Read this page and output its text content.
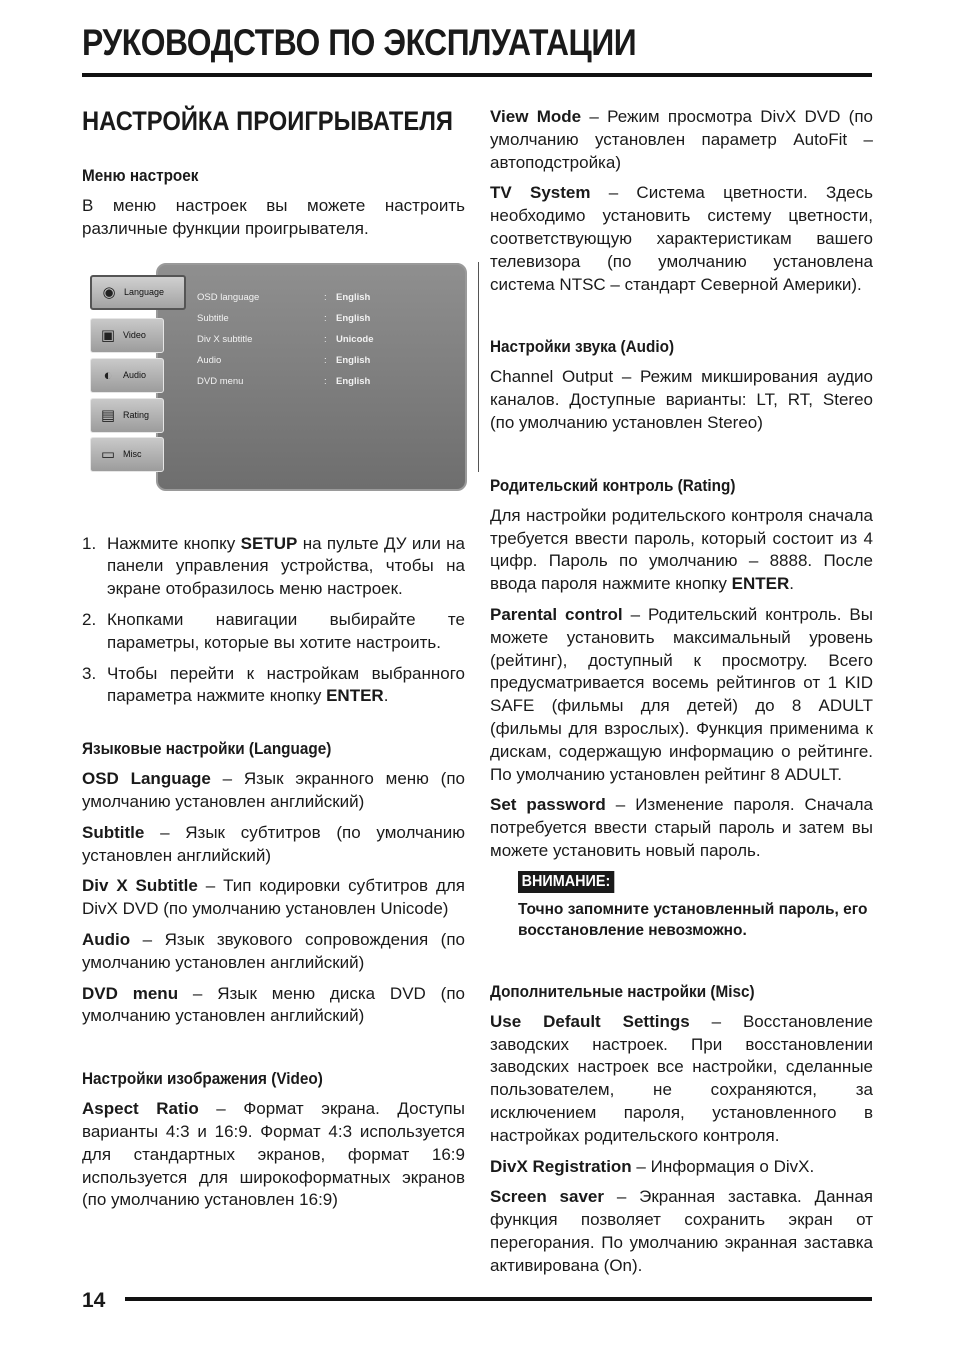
РУКОВОДСТВО ПО ЭКСПЛУАТАЦИИ
НАСТРОЙКА ПРОИГРЫВАТЕЛЯ
Меню настроек

В меню настроек вы можете настроить различные функции проигрывателя.

◉ Language
▣ Video
◐	Audio
▤ Rating
▭ Misc
OSD language	: English
Subtitle	: English
Div X subtitle	: Unicode
Audio	: English
DVD menu	: English
1. Нажмите кнопку SETUP на пульте ДУ или на панели управления устройства, чтобы на экране отобразилось меню настроек.
2. Кнопками навигации выбирайте те параметры, которые вы хотите настроить.
3. Чтобы перейти к настройкам выбранного параметра нажмите кнопку ENTER.
Языковые настройки (Language)

OSD Language – Язык экранного меню (по умолчанию установлен английский)

Subtitle – Язык субтитров (по умолчанию установлен английский)

Div X Subtitle – Тип кодировки субтитров для DivX DVD (по умолчанию установлен Unicode)

Audio – Язык звукового сопровождения (по умолчанию установлен английский)

DVD menu – Язык меню диска DVD (по умолчанию установлен английский)

Настройки изображения (Video)

Aspect Ratio – Формат экрана. Доступы варианты 4:3 и 16:9. Формат 4:3 используется для стандартных экранов, формат 16:9 используется для широкоформатных экранов (по умолчанию установлен 16:9)

View Mode – Режим просмотра DivX DVD (по умолчанию установлен параметр AutoFit – автоподстройка)

TV System – Система цветности. Здесь необходимо установить систему цветности, соответствующую характеристикам вашего телевизора (по умолчанию установлена система NTSC – стандарт Северной Америки).

Настройки звука (Audio)

Channel Output – Режим микширования аудио каналов. Доступные варианты: LT, RT, Stereo (по умолчанию установлен Stereo)

Родительский контроль (Rating)

Для настройки родительского контроля сначала требуется ввести пароль, который состоит из 4 цифр. Пароль по умолчанию – 8888. После ввода пароля нажмите кнопку ENTER.

Parental control – Родительский контроль. Вы можете установить максимальный уровень (рейтинг), доступный к просмотру. Всего предусматривается восемь рейтингов от 1 KID SAFE (фильмы для детей) до 8 ADULT (фильмы для взрослых). Функция применима к дискам, содержащую информацию о рейтинге. По умолчанию установлен рейтинг 8 ADULT.

Set password – Изменение пароля. Сначала потребуется ввести старый пароль и затем вы можете установить новый пароль.

ВНИМАНИЕ:

Точно запомните установленный пароль, его восстановление невозможно.

Дополнительные настройки (Misc)

Use Default Settings – Восстановление заводских настроек. При восстановлении заводских настроек все настройки, сделанные пользователем, не сохраняются, за исключением пароля, установленного в настройках родительского контроля.

DivX Registration – Информация о DivX.

Screen saver – Экранная заставка. Данная функция позволяет сохранить экран от перегорания. По умолчанию экранная заставка активирована (On).

14
